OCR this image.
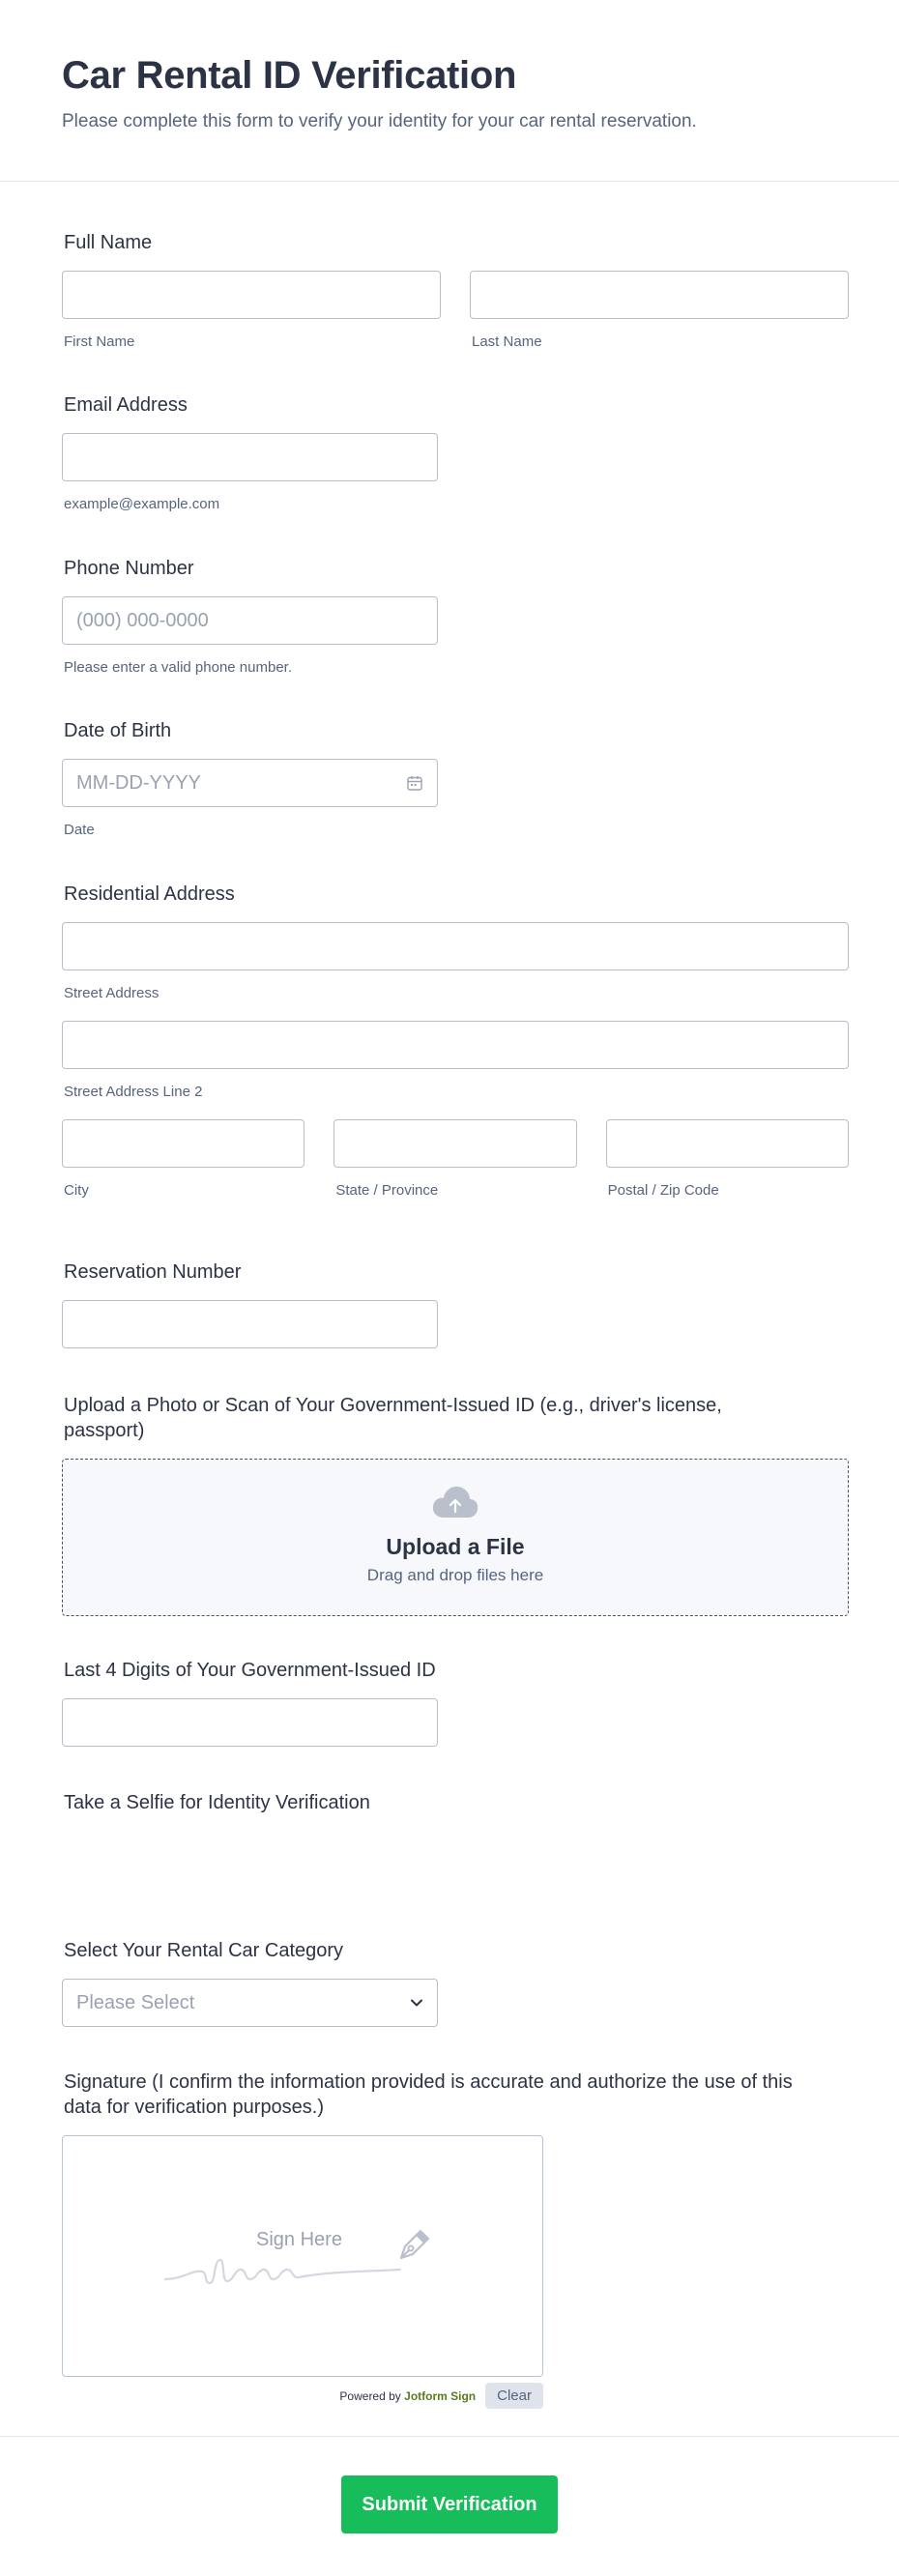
Car Rental ID Verification

Please complete this form to verify your identity for your car rental reservation.

Full Name
First Name	Last Name
Email Address
example@example.com
Phone Number
(000) 000-0000
Please enter a valid phone number.
Date of Birth
MM-DD-YYYY
Date
Residential Address
Street Address
Street Address Line 2
City	State / Province	Postal / Zip Code
Reservation Number
Upload a Photo or Scan of Your Government-Issued ID (e.g., driver's license, passport)
Upload a File
Drag and drop files here
Last 4 Digits of Your Government-Issued ID
Take a Selfie for Identity Verification
Select Your Rental Car Category
Please Select
Signature (I confirm the information provided is accurate and authorize the use of this data for verification purposes.)
Sign Here
Powered by Jotform Sign	Clear
Submit Verification
